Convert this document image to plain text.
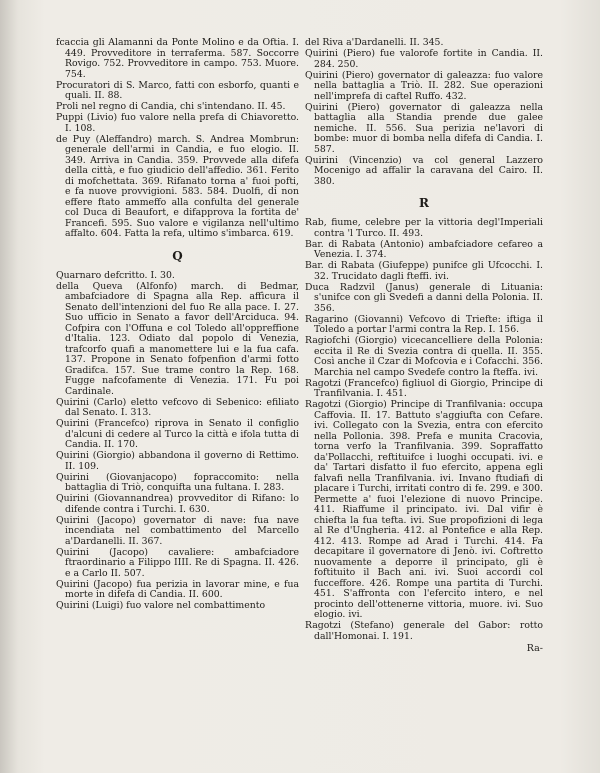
fcaccia gli Alamanni da Ponte Molino e da Oftia. I. 449. Provveditore in terraferma. 587. Soccorre Rovigo. 752. Provveditore in campo. 753. Muore. 754.

Procuratori di S. Marco, fatti con esborfo, quanti e quali. II. 88.

Proli nel regno di Candia, chi s'intendano. II. 45.

Puppi (Livio) fuo valore nella prefa di Chiavoretto. I. 108.

de Puy (Aleffandro) march. S. Andrea Mombrun: generale dell'armi in Candia, e fuo elogio. II. 349. Arriva in Candia. 359. Provvede alla difefa della città, e fuo giudicio dell'affedio. 361. Ferito di mofchettata. 369. Rifanato torna a' fuoi pofti, e fa nuove provvigioni. 583. 584. Duolfi, di non effere ftato ammeffo alla confulta del generale col Duca di Beaufort, e difapprova la fortita de' Francefi. 595. Suo valore e vigilanza nell'ultimo affalto. 604. Fatta la refa, ultimo s'imbarca. 619.

Q

Quarnaro defcritto. I. 30.

della Queva (Alfonfo) march. di Bedmar, ambafciadore di Spagna alla Rep. affìcura il Senato dell'intenzioni del fuo Re alla pace. I. 27. Suo ufficio in Senato a favor dell'Arciduca. 94. Cofpira con l'Offuna e col Toledo all'oppreffione d'Italia. 123. Odiato dal popolo di Venezia, trafcorfo quafi a manomettere lui e la fua cafa. 137. Propone in Senato fofpenfion d'armi fotto Gradifca. 157. Sue trame contro la Rep. 168. Fugge nafcofamente di Venezia. 171. Fu poi Cardinale.

Quirini (Carlo) eletto vefcovo di Sebenico: efiliato dal Senato. I. 313.

Quirini (Francefco) riprova in Senato il configlio d'alcuni di cedere al Turco la città e ifola tutta di Candia. II. 170.

Quirini (Giorgio) abbandona il governo di Rettimo. II. 109.

Quirini (Giovanjacopo) fopraccomito: nella battaglia di Triò, conquifta una fultana. I. 283.

Quirini (Giovannandrea) provveditor di Rifano: lo difende contra i Turchi. I. 630.

Quirini (Jacopo) governator di nave: fua nave incendiata nel combattimento del Marcello a'Dardanelli. II. 367.

Quirini (Jacopo) cavaliere: ambafciadore ftraordinario a Filippo IIII. Re di Spagna. II. 426. e a Carlo II. 507.

Quirini (Jacopo) fua perizia in lavorar mine, e fua morte in difefa di Candia. II. 600.

Quirini (Luigi) fuo valore nel combattimento

del Riva a'Dardanelli. II. 345.

Quirini (Piero) fue valorofe fortite in Candia. II. 284. 250.

Quirini (Piero) governator di galeazza: fuo valore nella battaglia a Triò. II. 282. Sue operazioni nell'imprefa di caftel Ruffo. 432.

Quirini (Piero) governator di galeazza nella battaglia alla Standia prende due galee nemiche. II. 556. Sua perizia ne'lavori di bombe: muor di bomba nella difefa di Candia. I. 587.

Quirini (Vincenzio) va col general Lazzero Mocenigo ad affalir la caravana del Cairo. II. 380.

R

Rab, fiume, celebre per la vittoria degl'Imperiali contra 'l Turco. II. 493.

Bar. di Rabata (Antonio) ambafciadore cefareo a Venezia. I. 374.

Bar. di Rabata (Giufeppe) punifce gli Ufcocchi. I. 32. Trucidato dagli fteffi. ivi.

Duca Radzvil (Janus) generale di Lituania: s'unifce con gli Svedefi a danni della Polonia. II. 356.

Ragarino (Giovanni) Vefcovo di Triefte: iftiga il Toledo a portar l'armi contra la Rep. I. 156.

Ragiofchi (Giorgio) vicecancelliere della Polonia: eccita il Re di Svezia contra di quella. II. 355. Così anche il Czar di Mofcovia e i Cofacchi. 356. Marchia nel campo Svedefe contro la fteffa. ivi.

Ragotzi (Francefco) figliuol di Giorgio, Principe di Tranfilvania. I. 451.

Ragotzi (Giorgio) Principe di Tranfilvania: occupa Caffovia. II. 17. Battuto s'aggiufta con Cefare. ivi. Collegato con la Svezia, entra con efercito nella Pollonia. 398. Prefa e munita Cracovia, torna verfo la Tranfilvania. 399. Sopraffatto da'Pollacchi, reftituifce i luoghi occupati. ivi. e da' Tartari disfatto il fuo efercito, appena egli falvafi nella Tranfilvania. ivi. Invano ftudiafi di placare i Turchi, irritati contro di fe. 299. e 300. Permette a' fuoi l'elezione di nuovo Principe. 411. Riaffume il principato. ivi. Dal vifir è chiefta la fua tefta. ivi. Sue propofizioni di lega al Re d'Ungheria. 412. al Pontefice e alla Rep. 412. 413. Rompe ad Arad i Turchi. 414. Fa decapitare il governatore di Jenò. ivi. Coftretto nuovamente a deporre il principato, gli è foftituito il Bach ani. ivi. Suoi accordi col fucceffore. 426. Rompe una partita di Turchi. 451. S'affronta con l'efercito intero, e nel procinto dell'ottenerne vittoria, muore. ivi. Suo elogio. ivi.

Ragotzi (Stefano) generale del Gabor: rotto dall'Homonai. I. 191.

Ra-
